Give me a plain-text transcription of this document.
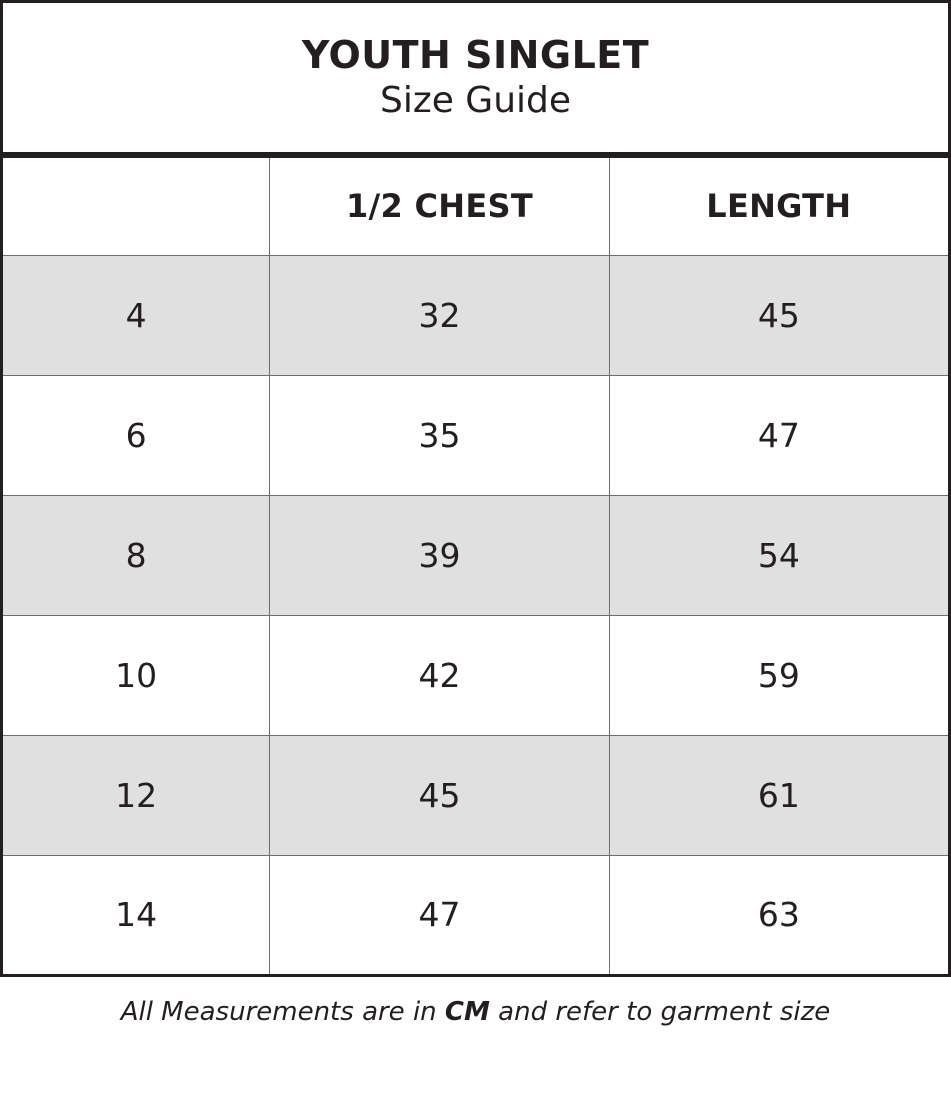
YOUTH SINGLET
Size Guide
	1/2 CHEST	LENGTH
4	32	45
6	35	47
8	39	54
10	42	59
12	45	61
14	47	63
All Measurements are in CM and refer to garment size
